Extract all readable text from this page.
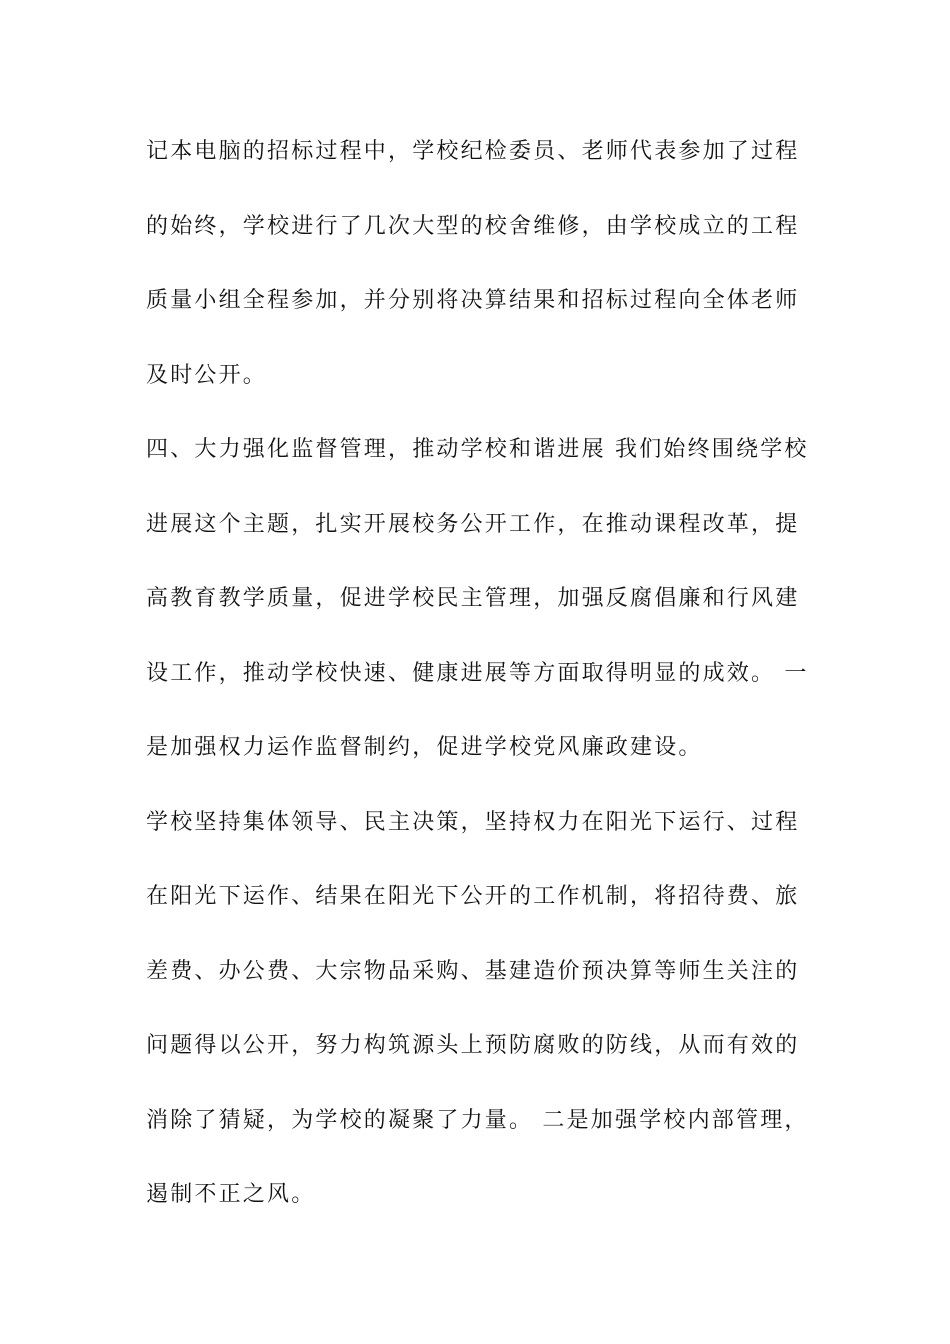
记本电脑的招标过程中，学校纪检委员、老师代表参加了过程
的始终，学校进行了几次大型的校舍维修，由学校成立的工程
质量小组全程参加，并分别将决算结果和招标过程向全体老师
及时公开。
四、大力强化监督管理，推动学校和谐进展 我们始终围绕学校
进展这个主题，扎实开展校务公开工作，在推动课程改革，提
高教育教学质量，促进学校民主管理，加强反腐倡廉和行风建
设工作，推动学校快速、健康进展等方面取得明显的成效。 一
是加强权力运作监督制约，促进学校党风廉政建设。
学校坚持集体领导、民主决策，坚持权力在阳光下运行、过程
在阳光下运作、结果在阳光下公开的工作机制，将招待费、旅
差费、办公费、大宗物品采购、基建造价预决算等师生关注的
问题得以公开，努力构筑源头上预防腐败的防线，从而有效的
消除了猜疑，为学校的凝聚了力量。 二是加强学校内部管理，
遏制不正之风。
